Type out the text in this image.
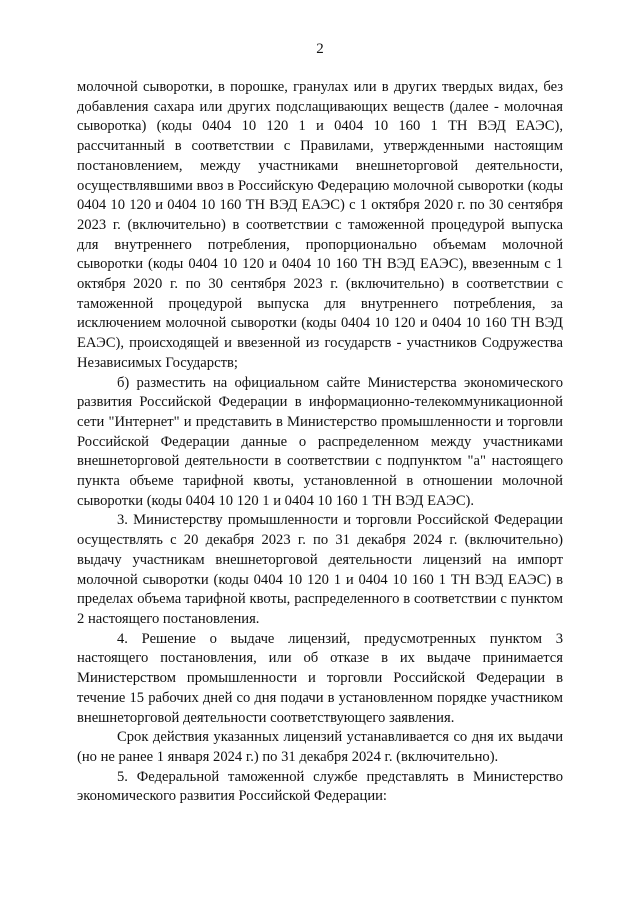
2

молочной сыворотки, в порошке, гранулах или в других твердых видах, без добавления сахара или других подслащивающих веществ (далее - молочная сыворотка) (коды 0404 10 120 1 и 0404 10 160 1 ТН ВЭД ЕАЭС), рассчитанный в соответствии с Правилами, утвержденными настоящим постановлением, между участниками внешнеторговой деятельности, осуществлявшими ввоз в Российскую Федерацию молочной сыворотки (коды 0404 10 120 и 0404 10 160 ТН ВЭД ЕАЭС) с 1 октября 2020 г. по 30 сентября 2023 г. (включительно) в соответствии с таможенной процедурой выпуска для внутреннего потребления, пропорционально объемам молочной сыворотки (коды 0404 10 120 и 0404 10 160 ТН ВЭД ЕАЭС), ввезенным с 1 октября 2020 г. по 30 сентября 2023 г. (включительно) в соответствии с таможенной процедурой выпуска для внутреннего потребления, за исключением молочной сыворотки (коды 0404 10 120 и 0404 10 160 ТН ВЭД ЕАЭС), происходящей и ввезенной из государств - участников Содружества Независимых Государств;

б) разместить на официальном сайте Министерства экономического развития Российской Федерации в информационно-телекоммуникационной сети "Интернет" и представить в Министерство промышленности и торговли Российской Федерации данные о распределенном между участниками внешнеторговой деятельности в соответствии с подпунктом "а" настоящего пункта объеме тарифной квоты, установленной в отношении молочной сыворотки (коды 0404 10 120 1 и 0404 10 160 1 ТН ВЭД ЕАЭС).

3. Министерству промышленности и торговли Российской Федерации осуществлять с 20 декабря 2023 г. по 31 декабря 2024 г. (включительно) выдачу участникам внешнеторговой деятельности лицензий на импорт молочной сыворотки (коды 0404 10 120 1 и 0404 10 160 1 ТН ВЭД ЕАЭС) в пределах объема тарифной квоты, распределенного в соответствии с пунктом 2 настоящего постановления.

4. Решение о выдаче лицензий, предусмотренных пунктом 3 настоящего постановления, или об отказе в их выдаче принимается Министерством промышленности и торговли Российской Федерации в течение 15 рабочих дней со дня подачи в установленном порядке участником внешнеторговой деятельности соответствующего заявления.

Срок действия указанных лицензий устанавливается со дня их выдачи (но не ранее 1 января 2024 г.) по 31 декабря 2024 г. (включительно).

5. Федеральной таможенной службе представлять в Министерство экономического развития Российской Федерации:
